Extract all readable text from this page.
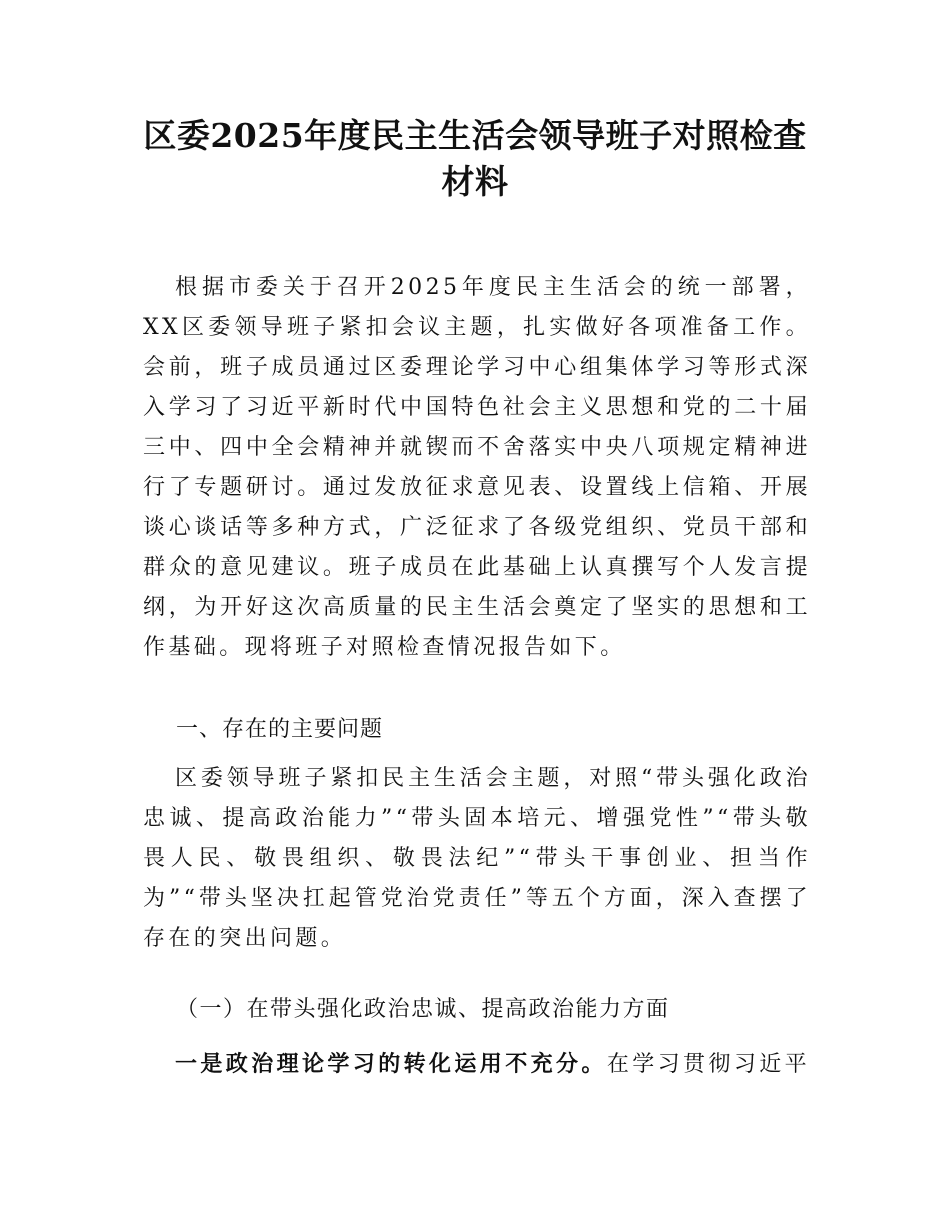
区委2025年度民主生活会领导班子对照检查材料
根据市委关于召开2025年度民主生活会的统一部署，XX区委领导班子紧扣会议主题，扎实做好各项准备工作。会前，班子成员通过区委理论学习中心组集体学习等形式深入学习了习近平新时代中国特色社会主义思想和党的二十届三中、四中全会精神并就锲而不舍落实中央八项规定精神进行了专题研讨。通过发放征求意见表、设置线上信箱、开展谈心谈话等多种方式，广泛征求了各级党组织、党员干部和群众的意见建议。班子成员在此基础上认真撰写个人发言提纲，为开好这次高质量的民主生活会奠定了坚实的思想和工作基础。现将班子对照检查情况报告如下。
一、存在的主要问题
区委领导班子紧扣民主生活会主题，对照“带头强化政治忠诚、提高政治能力”“带头固本培元、增强党性”“带头敬畏人民、敬畏组织、敬畏法纪”“带头干事创业、担当作为”“带头坚决扛起管党治党责任”等五个方面，深入查摆了存在的突出问题。
（一）在带头强化政治忠诚、提高政治能力方面
一是政治理论学习的转化运用不充分。在学习贯彻习近平
